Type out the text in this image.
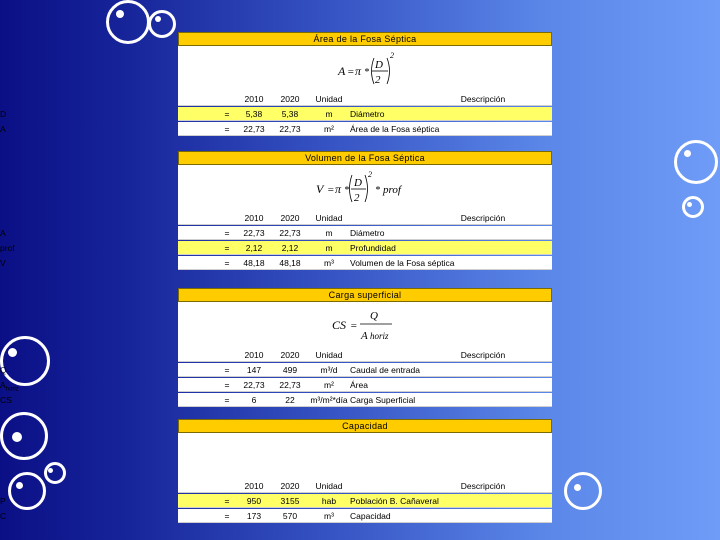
Área de la Fosa Séptica
A = π *
D
2
2
2010	2020	Unidad	Descripción
D	=	5,38	5,38	m	Diámetro
A	=	22,73	22,73	m²	Área de la Fosa séptica
Volumen de la Fosa Séptica
V = π *
D
2
2
* prof
2010	2020	Unidad	Descripción
A	=	22,73	22,73	m	Diámetro
prof	=	2,12	2,12	m	Profundidad
V	=	48,18	48,18	m³	Volumen de la Fosa séptica
Carga superficial
CS =
Q
A horiz
2010	2020	Unidad	Descripción
Q	=	147	499	m³/d	Caudal de entrada
$A_{horiz}$	=	22,73	22,73	m²	Área
CS	=	6	22	m³/m²*día Carga Superficial
Capacidad
2010	2020	Unidad	Descripción
P	=	950	3155	hab	Población B. Cañaveral
C	=	173	570	m³	Capacidad
